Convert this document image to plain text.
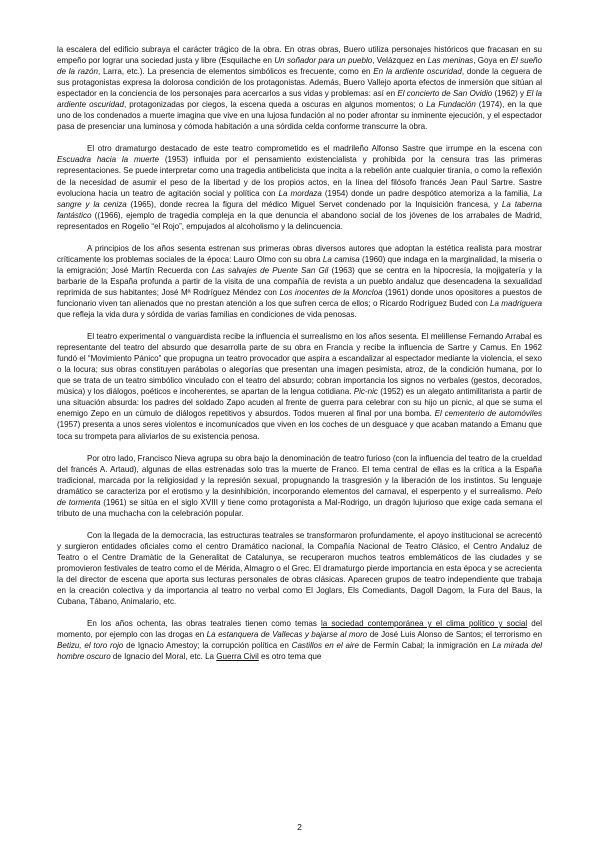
la escalera del edificio subraya el carácter trágico de la obra. En otras obras, Buero utiliza personajes históricos que fracasan en su empeño por lograr una sociedad justa y libre (Esquilache en Un soñador para un pueblo, Velázquez en Las meninas, Goya en El sueño de la razón, Larra, etc.). La presencia de elementos simbólicos es frecuente, como en En la ardiente oscuridad, donde la ceguera de sus protagonistas expresa la dolorosa condición de los protagonistas. Además, Buero Vallejo aporta efectos de inmersión que sitúan al espectador en la conciencia de los personajes para acercarlos a sus vidas y problemas: así en El concierto de San Ovidio (1962) y El la ardiente oscuridad, protagonizadas por ciegos, la escena queda a oscuras en algunos momentos; o La Fundación (1974), en la que uno de los condenados a muerte imagina que vive en una lujosa fundación al no poder afrontar su inminente ejecución, y el espectador pasa de presenciar una luminosa y cómoda habitación a una sórdida celda conforme transcurre la obra.

El otro dramaturgo destacado de este teatro comprometido es el madrileño Alfonso Sastre que irrumpe en la escena con Escuadra hacia la muerte (1953) influida por el pensamiento existencialista y prohibida por la censura tras las primeras representaciones. Se puede interpretar como una tragedia antibelicista que incita a la rebelión ante cualquier tiranía, o como la reflexión de la necesidad de asumir el peso de la libertad y de los propios actos, en la línea del filósofo francés Jean Paul Sartre. Sastre evoluciona hacia un teatro de agitación social y política con La mordaza (1954) donde un padre despótico atemoriza a la familia, La sangre y la ceniza (1965), donde recrea la figura del médico Miguel Servet condenado por la Inquisición francesa, y La taberna fantástico ((1966), ejemplo de tragedia compleja en la que denuncia el abandono social de los jóvenes de los arrabales de Madrid, representados en Rogelio “el Rojo”, empujados al alcoholismo y la delincuencia.

A principios de los años sesenta estrenan sus primeras obras diversos autores que adoptan la estética realista para mostrar críticamente los problemas sociales de la época: Lauro Olmo con su obra La camisa (1960) que indaga en la marginalidad, la miseria o la emigración; José Martín Recuerda con Las salvajes de Puente San Gil (1963) que se centra en la hipocresía, la mojigatería y la barbarie de la España profunda a partir de la visita de una compañía de revista a un pueblo andaluz que desencadena la sexualidad reprimida de sus habitantes; José Mª Rodríguez Méndez con Los inocentes de la Moncloa (1961) donde unos opositores a puestos de funcionario viven tan alienados que no prestan atención a los que sufren cerca de ellos; o Ricardo Rodríguez Buded con La madriguera que refleja la vida dura y sórdida de varias familias en condiciones de vida penosas.

El teatro experimental o vanguardista recibe la influencia el surrealismo en los años sesenta. El melillense Fernando Arrabal es representante del teatro del absurdo que desarrolla parte de su obra en Francia y recibe la influencia de Sartre y Camus. En 1962 fundó el “Movimiento Pánico” que propugna un teatro provocador que aspira a escandalizar al espectador mediante la violencia, el sexo o la locura; sus obras constituyen parábolas o alegorías que presentan una imagen pesimista, atroz, de la condición humana, por lo que se trata de un teatro simbólico vinculado con el teatro del absurdo; cobran importancia los signos no verbales (gestos, decorados, música) y los diálogos, poéticos e incoherentes, se apartan de la lengua cotidiana. Pic-nic (1952) es un alegato antimilitarista a partir de una situación absurda: los padres del soldado Zapo acuden al frente de guerra para celebrar con su hijo un picnic, al que se suma el enemigo Zepo en un cúmulo de diálogos repetitivos y absurdos. Todos mueren al final por una bomba. El cementerio de automóviles (1957) presenta a unos seres violentos e incomunicados que viven en los coches de un desguace y que acaban matando a Emanu que toca su trompeta para aliviarlos de su existencia penosa.

Por otro lado, Francisco Nieva agrupa su obra bajo la denominación de teatro furioso (con la influencia del teatro de la crueldad del francés A. Artaud), algunas de ellas estrenadas solo tras la muerte de Franco. El tema central de ellas es la crítica a la España tradicional, marcada por la religiosidad y la represión sexual, propugnando la trasgresión y la liberación de los instintos. Su lenguaje dramático se caracteriza por el erotismo y la desinhibición, incorporando elementos del carnaval, el esperpento y el surrealismo. Pelo de tormenta (1961) se sitúa en el siglo XVIII y tiene como protagonista a Mal-Rodrigo, un dragón lujurioso que exige cada semana el tributo de una muchacha con la celebración popular.

Con la llegada de la democracia, las estructuras teatrales se transformaron profundamente, el apoyo institucional se acrecentó y surgieron entidades oficiales como el centro Dramático nacional, la Compañía Nacional de Teatro Clásico, el Centro Andaluz de Teatro o el Centre Dramàtic de la Generalitat de Catalunya, se recuperaron muchos teatros emblemáticos de las ciudades y se promovieron festivales de teatro como el de Mérida, Almagro o el Grec. El dramaturgo pierde importancia en esta época y se acrecienta la del director de escena que aporta sus lecturas personales de obras clásicas. Aparecen grupos de teatro independiente que trabaja en la creación colectiva y da importancia al teatro no verbal como El Joglars, Els Comediants, Dagoll Dagom, la Fura del Baus, la Cubana, Tábano, Animalario, etc.

En los años ochenta, las obras teatrales tienen como temas la sociedad contemporánea y el clima político y social del momento, por ejemplo con las drogas en La estanquera de Vallecas y bajarse al moro de José Luis Alonso de Santos; el terrorismo en Betizu, el toro rojo de Ignacio Amestoy; la corrupción política en Castillos en el aire de Fermín Cabal; la inmigración en La mirada del hombre oscuro de Ignacio del Moral, etc. La Guerra Civil es otro tema que

2
